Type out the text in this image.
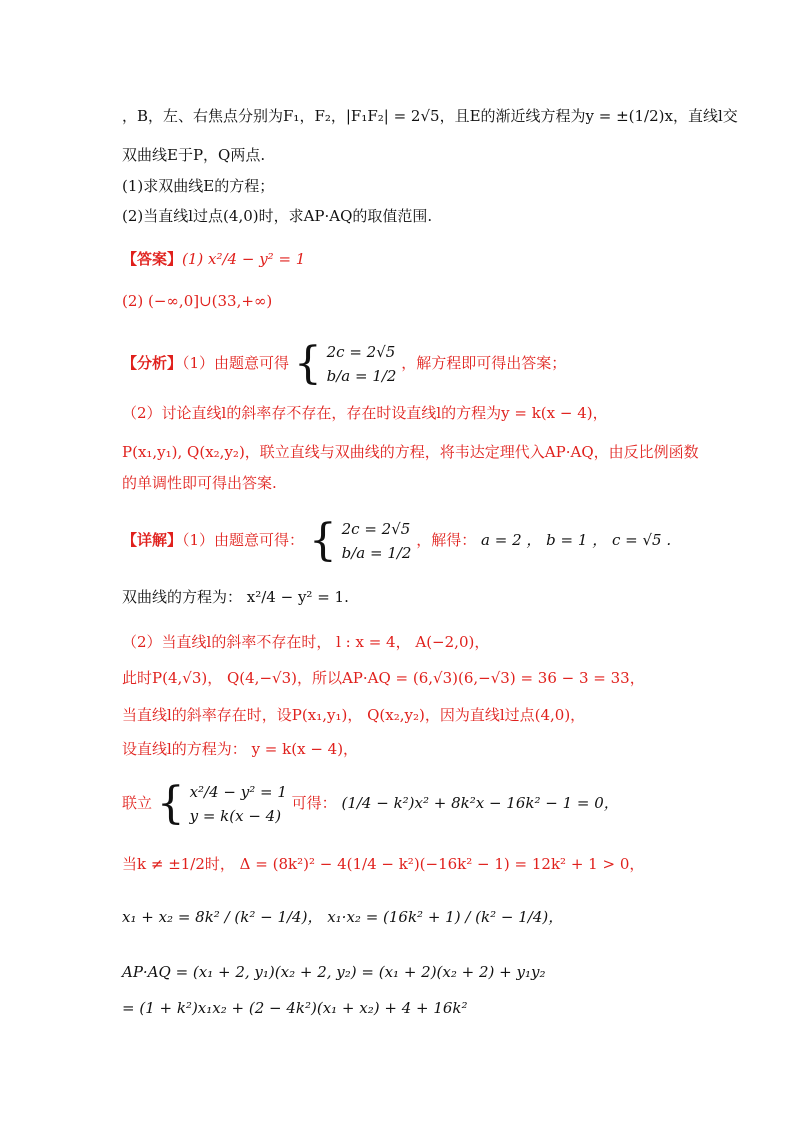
，B，左、右焦点分别为F₁，F₂，|F₁F₂| = 2√5，且E的渐近线方程为y = ±(1/2)x，直线l交
双曲线E于P，Q两点.
(1)求双曲线E的方程；
(2)当直线l过点(4,0)时，求AP·AQ的取值范围.
【答案】(1) x²/4 − y² = 1
(2) (−∞,0]∪(33,+∞)
【分析】（1）由题意可得 { 2c = 2√5
b/a = 1/2
，解方程即可得出答案；
（2）讨论直线l的斜率存不存在，存在时设直线l的方程为y = k(x − 4)，
P(x₁,y₁), Q(x₂,y₂)，联立直线与双曲线的方程，将韦达定理代入AP·AQ，由反比例函数
的单调性即可得出答案.
【详解】（1）由题意可得： { 2c = 2√5
b/a = 1/2
，解得： a = 2 ， b = 1 ， c = √5 .
双曲线的方程为： x²/4 − y² = 1.
（2）当直线l的斜率不存在时， l : x = 4， A(−2,0)，
此时P(4,√3)， Q(4,−√3)，所以AP·AQ = (6,√3)(6,−√3) = 36 − 3 = 33，
当直线l的斜率存在时，设P(x₁,y₁)， Q(x₂,y₂)，因为直线l过点(4,0)，
设直线l的方程为： y = k(x − 4)，
联立 { x²/4 − y² = 1
y = k(x − 4)
可得： (1/4 − k²)x² + 8k²x − 16k² − 1 = 0，
当k ≠ ±1/2时， Δ = (8k²)² − 4(1/4 − k²)(−16k² − 1) = 12k² + 1 > 0，
x₁ + x₂ = 8k² / (k² − 1/4)， x₁·x₂ = (16k² + 1) / (k² − 1/4)，
AP·AQ = (x₁ + 2, y₁)(x₂ + 2, y₂) = (x₁ + 2)(x₂ + 2) + y₁y₂
= (1 + k²)x₁x₂ + (2 − 4k²)(x₁ + x₂) + 4 + 16k²
